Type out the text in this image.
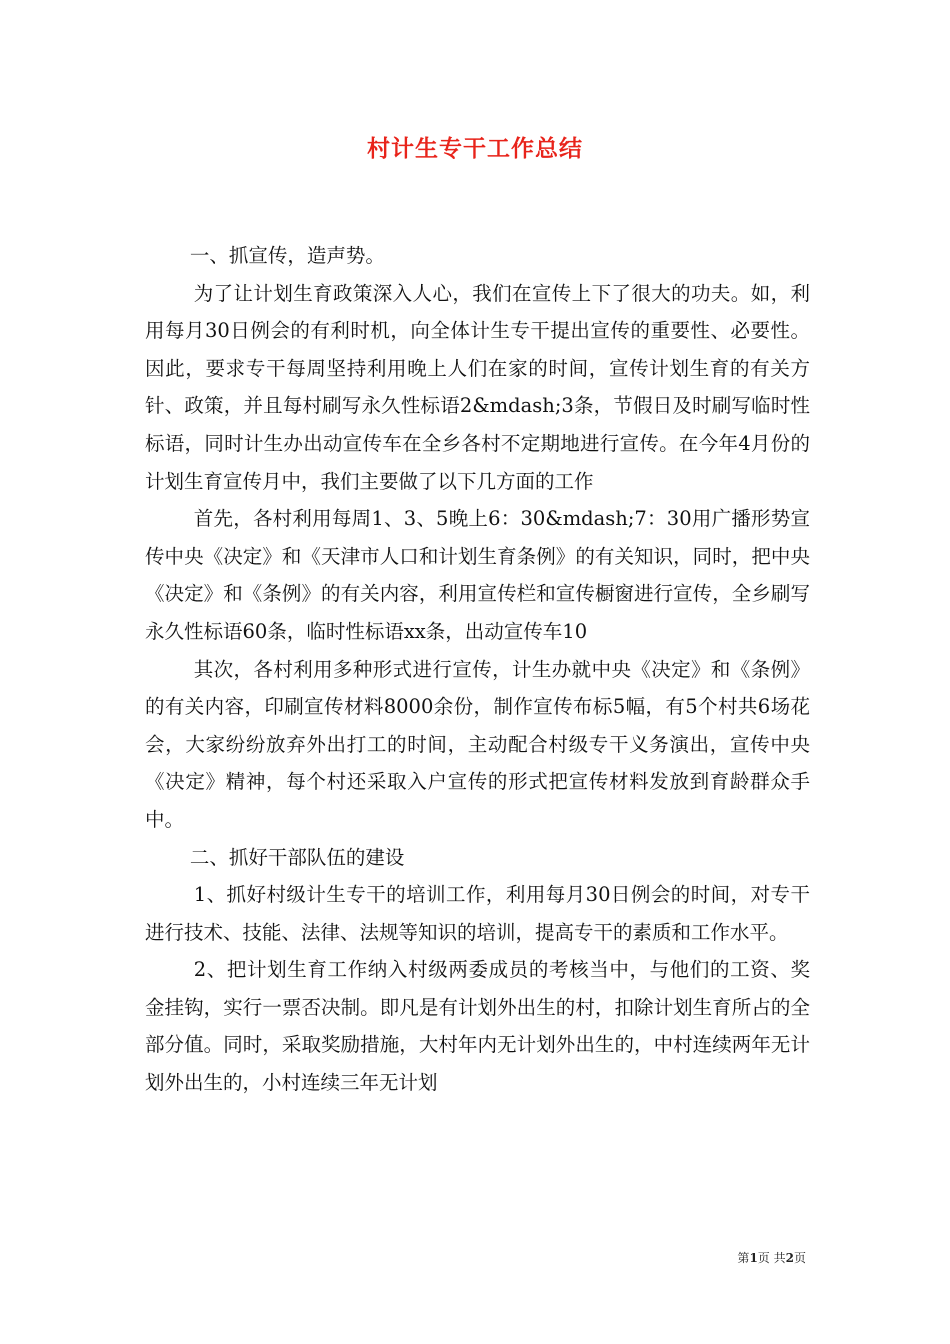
村计生专干工作总结

一、抓宣传，造声势。

为了让计划生育政策深入人心，我们在宣传上下了很大的功夫。如，利用每月30日例会的有利时机，向全体计生专干提出宣传的重要性、必要性。因此，要求专干每周坚持利用晚上人们在家的时间，宣传计划生育的有关方针、政策，并且每村刷写永久性标语2&mdash;3条，节假日及时刷写临时性标语，同时计生办出动宣传车在全乡各村不定期地进行宣传。在今年4月份的计划生育宣传月中，我们主要做了以下几方面的工作

首先，各村利用每周1、3、5晚上6：30&mdash;7：30用广播形势宣传中央《决定》和《天津市人口和计划生育条例》的有关知识，同时，把中央《决定》和《条例》的有关内容，利用宣传栏和宣传橱窗进行宣传，全乡刷写永久性标语60条，临时性标语xx条，出动宣传车10

其次，各村利用多种形式进行宣传，计生办就中央《决定》和《条例》的有关内容，印刷宣传材料8000余份，制作宣传布标5幅，有5个村共6场花会，大家纷纷放弃外出打工的时间，主动配合村级专干义务演出，宣传中央《决定》精神，每个村还采取入户宣传的形式把宣传材料发放到育龄群众手中。

二、抓好干部队伍的建设

1、抓好村级计生专干的培训工作，利用每月30日例会的时间，对专干进行技术、技能、法律、法规等知识的培训，提高专干的素质和工作水平。

2、把计划生育工作纳入村级两委成员的考核当中，与他们的工资、奖金挂钩，实行一票否决制。即凡是有计划外出生的村，扣除计划生育所占的全部分值。同时，采取奖励措施，大村年内无计划外出生的，中村连续两年无计划外出生的，小村连续三年无计划

第1页 共2页
